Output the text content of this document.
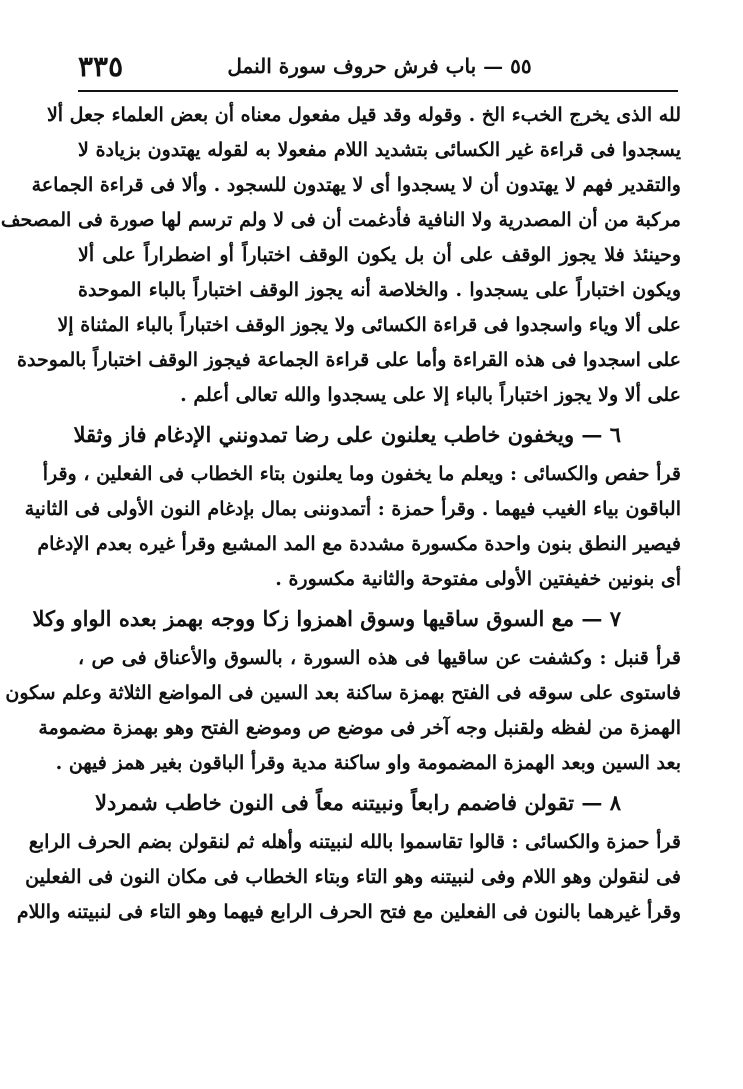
٣٣٥	٥٥ — باب فرش حروف سورة النمل
لله الذى يخرج الخبء الخ . وقوله وقد قيل مفعول معناه أن بعض العلماء جعل ألا
يسجدوا فى قراءة غير الكسائى بتشديد اللام مفعولا به لقوله يهتدون بزيادة لا
والتقدير فهم لا يهتدون أن لا يسجدوا أى لا يهتدون للسجود . وألا فى قراءة الجماعة
مركبة من أن المصدرية ولا النافية فأدغمت أن فى لا ولم ترسم لها صورة فى المصحف
وحينئذ فلا يجوز الوقف على أن بل يكون الوقف اختباراً أو اضطراراً على ألا
ويكون اختباراً على يسجدوا . والخلاصة أنه يجوز الوقف اختباراً بالباء الموحدة
على ألا وياء واسجدوا فى قراءة الكسائى ولا يجوز الوقف اختباراً بالباء المثناة إلا
على اسجدوا فى هذه القراءة وأما على قراءة الجماعة فيجوز الوقف اختباراً بالموحدة
على ألا ولا يجوز اختباراً بالباء إلا على يسجدوا والله تعالى أعلم .
٦ — ويخفون خاطب يعلنون على رضا تمدونني الإدغام فاز وثقلا
قرأ حفص والكسائى : ويعلم ما يخفون وما يعلنون بتاء الخطاب فى الفعلين ، وقرأ
الباقون بياء الغيب فيهما . وقرأ حمزة : أتمدوننى بمال بإدغام النون الأولى فى الثانية
فيصير النطق بنون واحدة مكسورة مشددة مع المد المشبع وقرأ غيره بعدم الإدغام
أى بنونين خفيفتين الأولى مفتوحة والثانية مكسورة .
٧ — مع السوق ساقيها وسوق اهمزوا زكا ووجه بهمز بعده الواو وكلا
قرأ قنبل : وكشفت عن ساقيها فى هذه السورة ، بالسوق والأعناق فى ص ،
فاستوى على سوقه فى الفتح بهمزة ساكنة بعد السين فى المواضع الثلاثة وعلم سكون
الهمزة من لفظه ولقنبل وجه آخر فى موضع ص وموضع الفتح وهو بهمزة مضمومة
بعد السين وبعد الهمزة المضمومة واو ساكنة مدية وقرأ الباقون بغير همز فيهن .
٨ — تقولن فاضمم رابعاً ونبيتنه معاً فى النون خاطب شمردلا
قرأ حمزة والكسائى : قالوا تقاسموا بالله لنبيتنه وأهله ثم لنقولن بضم الحرف الرابع
فى لنقولن وهو اللام وفى لنبيتنه وهو التاء وبتاء الخطاب فى مكان النون فى الفعلين
وقرأ غيرهما بالنون فى الفعلين مع فتح الحرف الرابع فيهما وهو التاء فى لنبيتنه واللام
